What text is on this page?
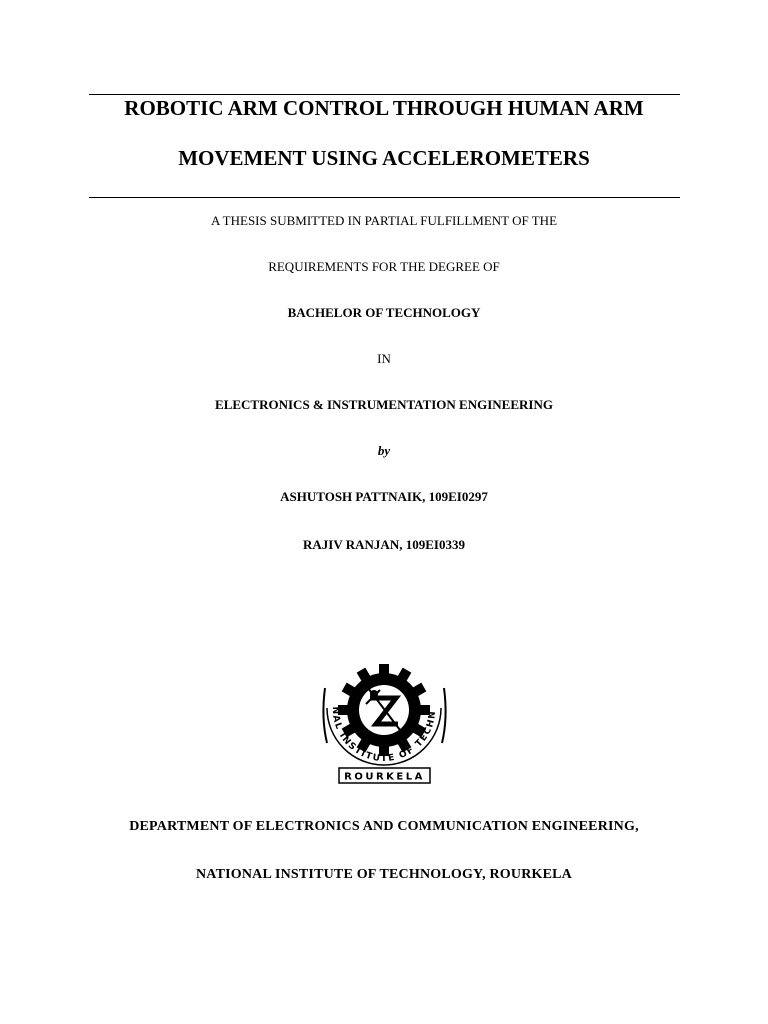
ROBOTIC ARM CONTROL THROUGH HUMAN ARM
MOVEMENT USING ACCELEROMETERS
A THESIS SUBMITTED IN PARTIAL FULFILLMENT OF THE
REQUIREMENTS FOR THE DEGREE OF
BACHELOR OF TECHNOLOGY
IN
ELECTRONICS & INSTRUMENTATION ENGINEERING
by
ASHUTOSH PATTNAIK, 109EI0297
RAJIV RANJAN, 109EI0339
NAL INSTITUTE OF TECHN
ROURKELA
DEPARTMENT OF ELECTRONICS AND COMMUNICATION ENGINEERING,
NATIONAL INSTITUTE OF TECHNOLOGY, ROURKELA
